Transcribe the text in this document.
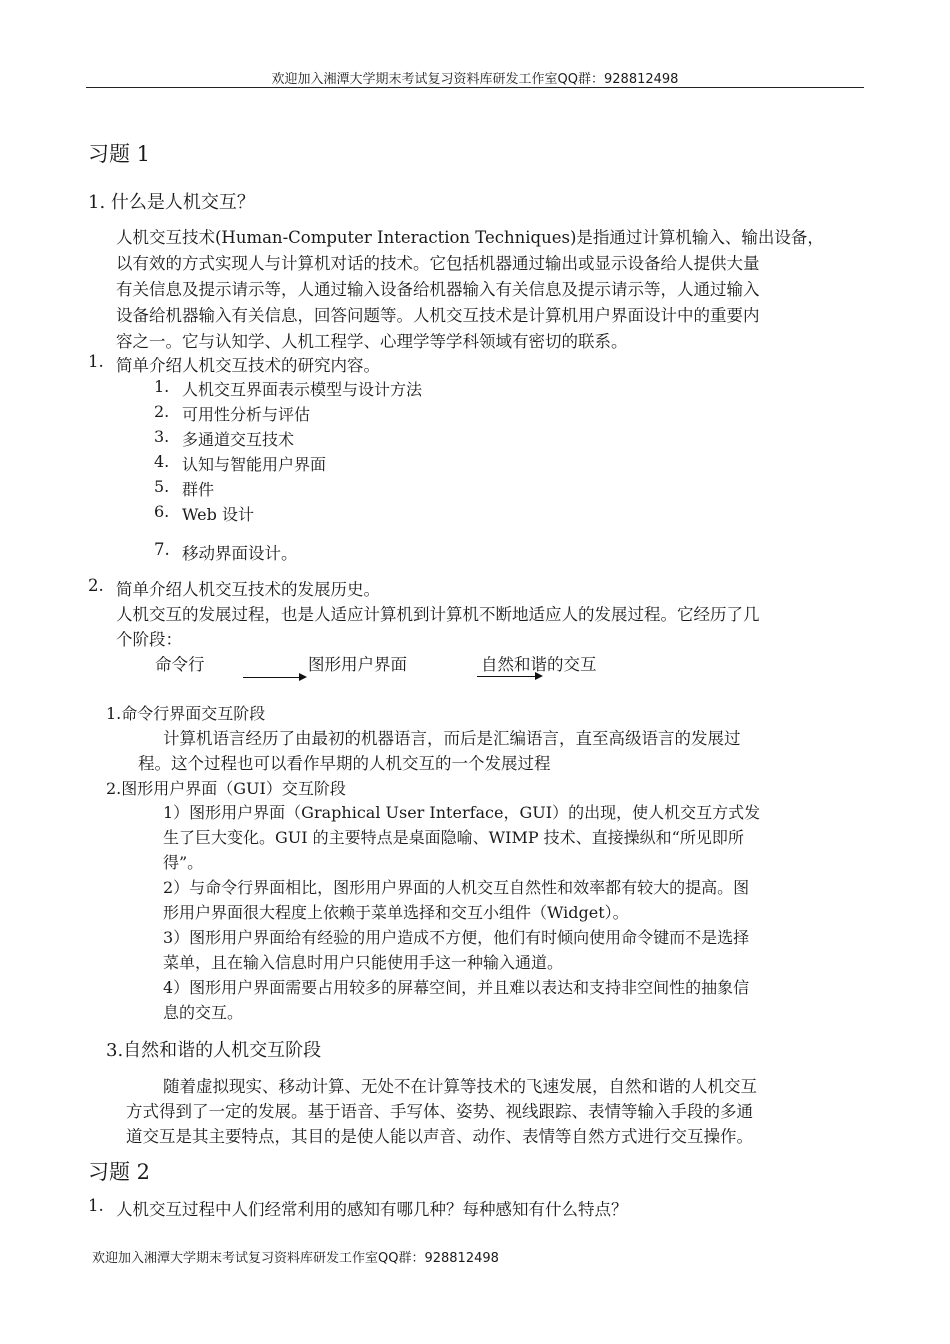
欢迎加入湘潭大学期末考试复习资料库研发工作室QQ群：928812498
习题 1
1. 什么是人机交互？
人机交互技术(Human-Computer Interaction Techniques)是指通过计算机输入、输出设备，
以有效的方式实现人与计算机对话的技术。它包括机器通过输出或显示设备给人提供大量
有关信息及提示请示等，人通过输入设备给机器输入有关信息及提示请示等，人通过输入
设备给机器输入有关信息，回答问题等。人机交互技术是计算机用户界面设计中的重要内
容之一。它与认知学、人机工程学、心理学等学科领域有密切的联系。
1. 简单介绍人机交互技术的研究内容。
1. 人机交互界面表示模型与设计方法
2. 可用性分析与评估
3. 多通道交互技术
4. 认知与智能用户界面
5. 群件
6. Web 设计
7. 移动界面设计。
2. 简单介绍人机交互技术的发展历史。
人机交互的发展过程，也是人适应计算机到计算机不断地适应人的发展过程。它经历了几
个阶段：
命令行	图形用户界面	自然和谐的交互
1.命令行界面交互阶段
计算机语言经历了由最初的机器语言，而后是汇编语言，直至高级语言的发展过
程。这个过程也可以看作早期的人机交互的一个发展过程
2.图形用户界面（GUI）交互阶段
1）图形用户界面（Graphical User Interface，GUI）的出现，使人机交互方式发
生了巨大变化。GUI 的主要特点是桌面隐喻、WIMP 技术、直接操纵和“所见即所
得”。
2）与命令行界面相比，图形用户界面的人机交互自然性和效率都有较大的提高。图
形用户界面很大程度上依赖于菜单选择和交互小组件（Widget）。
3）图形用户界面给有经验的用户造成不方便，他们有时倾向使用命令键而不是选择
菜单，且在输入信息时用户只能使用手这一种输入通道。
4）图形用户界面需要占用较多的屏幕空间，并且难以表达和支持非空间性的抽象信
息的交互。
3.自然和谐的人机交互阶段
随着虚拟现实、移动计算、无处不在计算等技术的飞速发展，自然和谐的人机交互
方式得到了一定的发展。基于语音、手写体、姿势、视线跟踪、表情等输入手段的多通
道交互是其主要特点，其目的是使人能以声音、动作、表情等自然方式进行交互操作。
习题 2
1. 人机交互过程中人们经常利用的感知有哪几种？每种感知有什么特点？
欢迎加入湘潭大学期末考试复习资料库研发工作室QQ群：928812498
